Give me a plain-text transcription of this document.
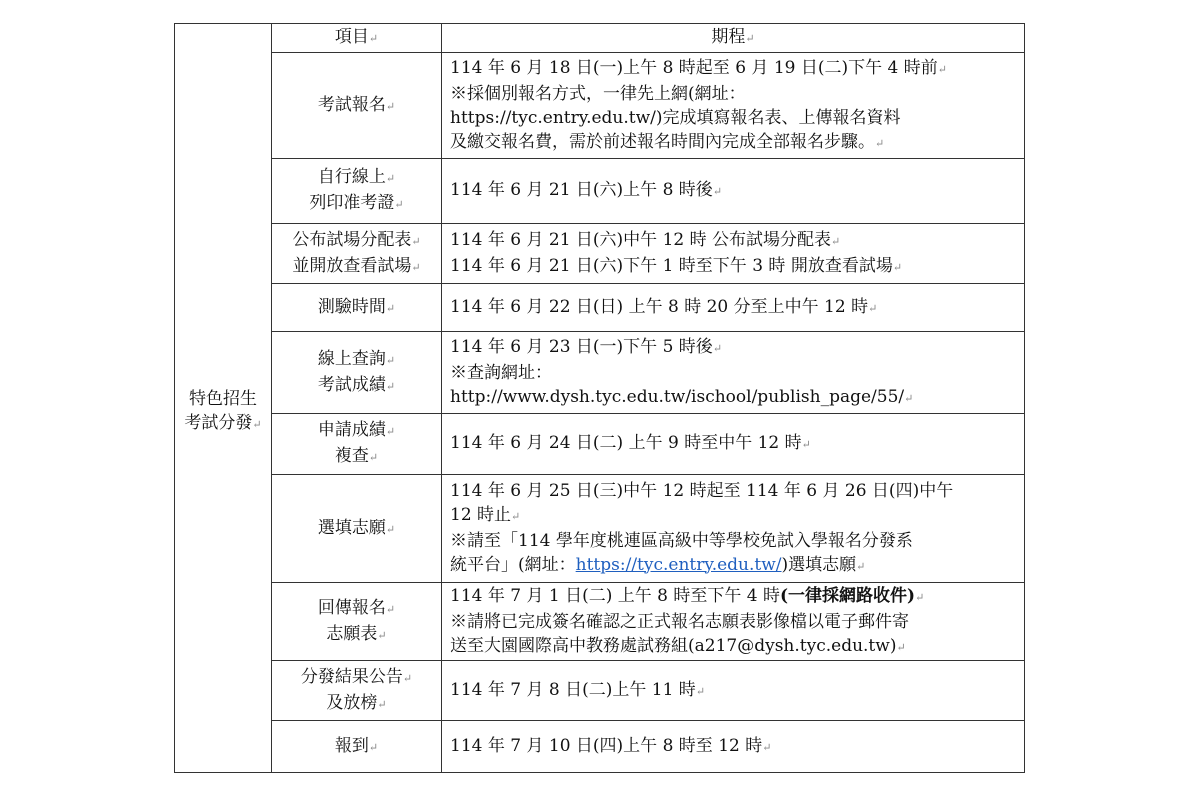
	項目↵	期程↵

特色招生
考試分發↵	考試報名↵	114 年 6 月 18 日(一)上午 8 時起至 6 月 19 日(二)下午 4 時前↵
※採個別報名方式，一律先上網(網址：
https://tyc.entry.edu.tw/)完成填寫報名表、上傳報名資料
及繳交報名費，需於前述報名時間內完成全部報名步驟。↵

	自行線上↵
列印准考證↵	114 年 6 月 21 日(六)上午 8 時後↵

	公布試場分配表↵
並開放查看試場↵	114 年 6 月 21 日(六)中午 12 時 公布試場分配表↵
114 年 6 月 21 日(六)下午 1 時至下午 3 時 開放查看試場↵

	測驗時間↵	114 年 6 月 22 日(日) 上午 8 時 20 分至上中午 12 時↵

	線上查詢↵
考試成績↵	114 年 6 月 23 日(一)下午 5 時後↵
※查詢網址：
http://www.dysh.tyc.edu.tw/ischool/publish_page/55/↵

	申請成績↵
複查↵	114 年 6 月 24 日(二) 上午 9 時至中午 12 時↵

	選填志願↵	114 年 6 月 25 日(三)中午 12 時起至 114 年 6 月 26 日(四)中午
12 時止↵
※請至「114 學年度桃連區高級中等學校免試入學報名分發系
統平台」(網址：https://tyc.entry.edu.tw/)選填志願↵

	回傳報名↵
志願表↵	114 年 7 月 1 日(二) 上午 8 時至下午 4 時(一律採網路收件)↵
※請將已完成簽名確認之正式報名志願表影像檔以電子郵件寄
送至大園國際高中教務處試務組(a217@dysh.tyc.edu.tw)↵

	分發結果公告↵
及放榜↵	114 年 7 月 8 日(二)上午 11 時↵

	報到↵	114 年 7 月 10 日(四)上午 8 時至 12 時↵
